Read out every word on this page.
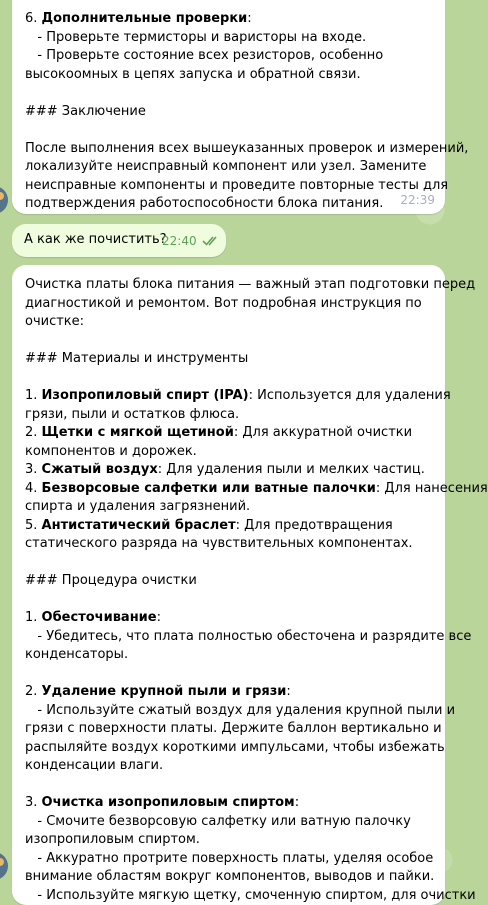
6. Дополнительные проверки:
- Проверьте термисторы и варисторы на входе.
- Проверьте состояние всех резисторов, особенно
высокоомных в цепях запуска и обратной связи.
### Заключение
После выполнения всех вышеуказанных проверок и измерений,
локализуйте неисправный компонент или узел. Замените
неисправные компоненты и проведите повторные тесты для
подтверждения работоспособности блока питания.	22:39
А как же почистить?
22:40
Очистка платы блока питания — важный этап подготовки перед
диагностикой и ремонтом. Вот подробная инструкция по
очистке:
### Материалы и инструменты
1. Изопропиловый спирт (IPA): Используется для удаления
грязи, пыли и остатков флюса.
2. Щетки с мягкой щетиной: Для аккуратной очистки
компонентов и дорожек.
3. Сжатый воздух: Для удаления пыли и мелких частиц.
4. Безворсовые салфетки или ватные палочки: Для нанесения
спирта и удаления загрязнений.
5. Антистатический браслет: Для предотвращения
статического разряда на чувствительных компонентах.
### Процедура очистки
1. Обесточивание:
- Убедитесь, что плата полностью обесточена и разрядите все
конденсаторы.
2. Удаление крупной пыли и грязи:
- Используйте сжатый воздух для удаления крупной пыли и
грязи с поверхности платы. Держите баллон вертикально и
распыляйте воздух короткими импульсами, чтобы избежать
конденсации влаги.
3. Очистка изопропиловым спиртом:
- Смочите безворсовую салфетку или ватную палочку
изопропиловым спиртом.
- Аккуратно протрите поверхность платы, уделяя особое
внимание областям вокруг компонентов, выводов и пайки.
- Используйте мягкую щетку, смоченную спиртом, для очистки
